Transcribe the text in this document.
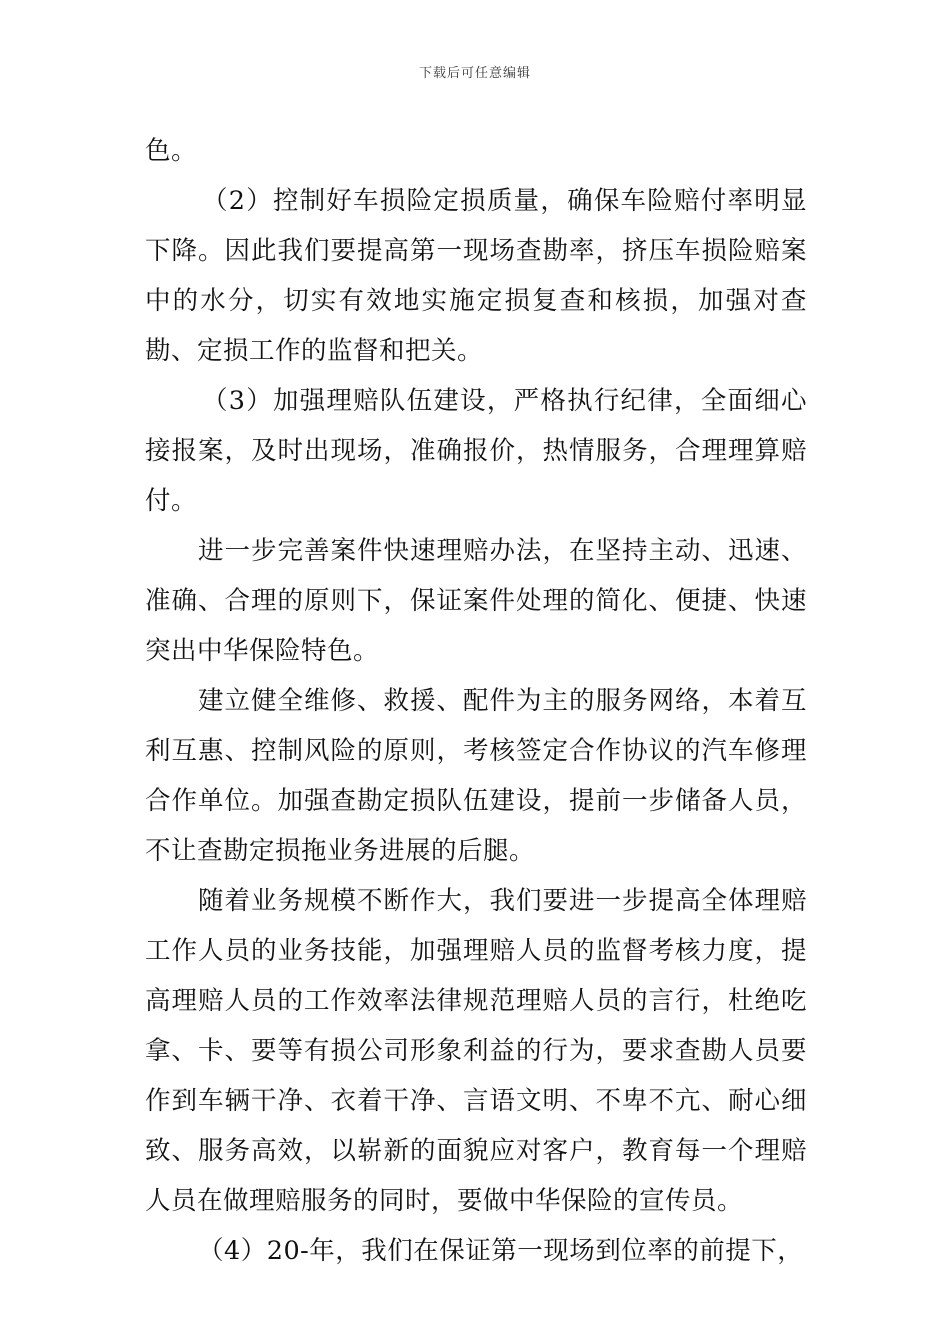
下载后可任意编辑

色。

（2）控制好车损险定损质量，确保车险赔付率明显下降。因此我们要提高第一现场查勘率，挤压车损险赔案中的水分，切实有效地实施定损复查和核损，加强对查勘、定损工作的监督和把关。

（3）加强理赔队伍建设，严格执行纪律，全面细心接报案，及时出现场，准确报价，热情服务，合理理算赔付。

进一步完善案件快速理赔办法，在坚持主动、迅速、准确、合理的原则下，保证案件处理的简化、便捷、快速突出中华保险特色。

建立健全维修、救援、配件为主的服务网络，本着互利互惠、控制风险的原则，考核签定合作协议的汽车修理合作单位。加强查勘定损队伍建设，提前一步储备人员，不让查勘定损拖业务进展的后腿。

随着业务规模不断作大，我们要进一步提高全体理赔工作人员的业务技能，加强理赔人员的监督考核力度，提高理赔人员的工作效率法律规范理赔人员的言行，杜绝吃拿、卡、要等有损公司形象利益的行为，要求查勘人员要作到车辆干净、衣着干净、言语文明、不卑不亢、耐心细致、服务高效，以崭新的面貌应对客户，教育每一个理赔人员在做理赔服务的同时，要做中华保险的宣传员。

（4）20-年，我们在保证第一现场到位率的前提下，
